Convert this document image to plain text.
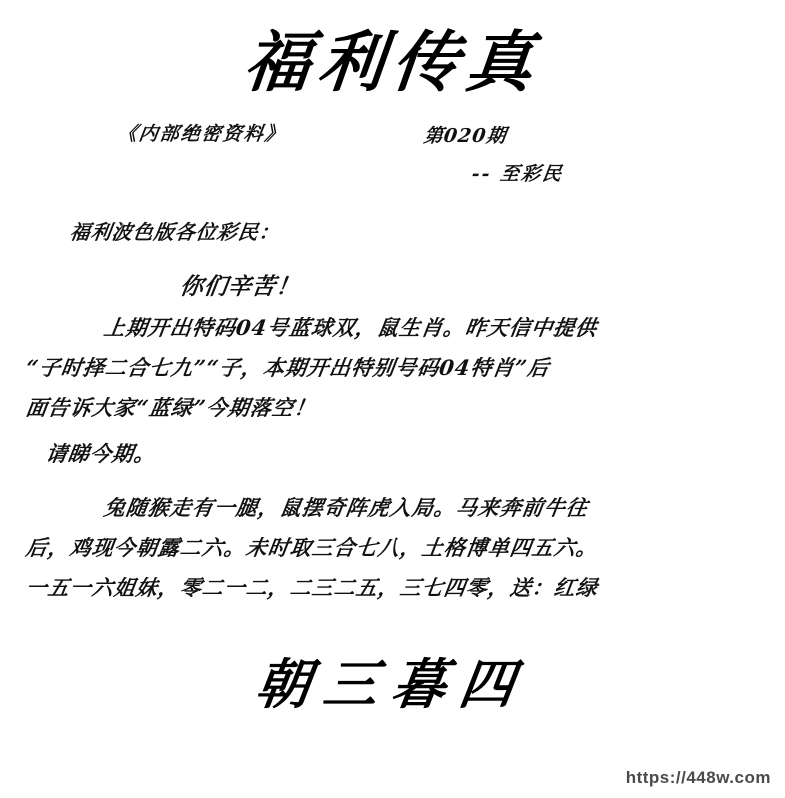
福利传真
《内部绝密资料》	第020期
-- 至彩民
福利波色版各位彩民：
你们辛苦！
上期开出特码04号蓝球双，鼠生肖。昨天信中提供
“子时择二合七九”“子，本期开出特别号码04特肖”后
面告诉大家“蓝绿”今期落空！
请睇今期。
兔随猴走有一腿，鼠摆奇阵虎入局。马来奔前牛往
后，鸡现今朝露二六。未时取三合七八，土格博单四五六。
一五一六姐妹，零二一二，二三二五，三七四零，送：红绿
朝三暮四
https://448w.com
